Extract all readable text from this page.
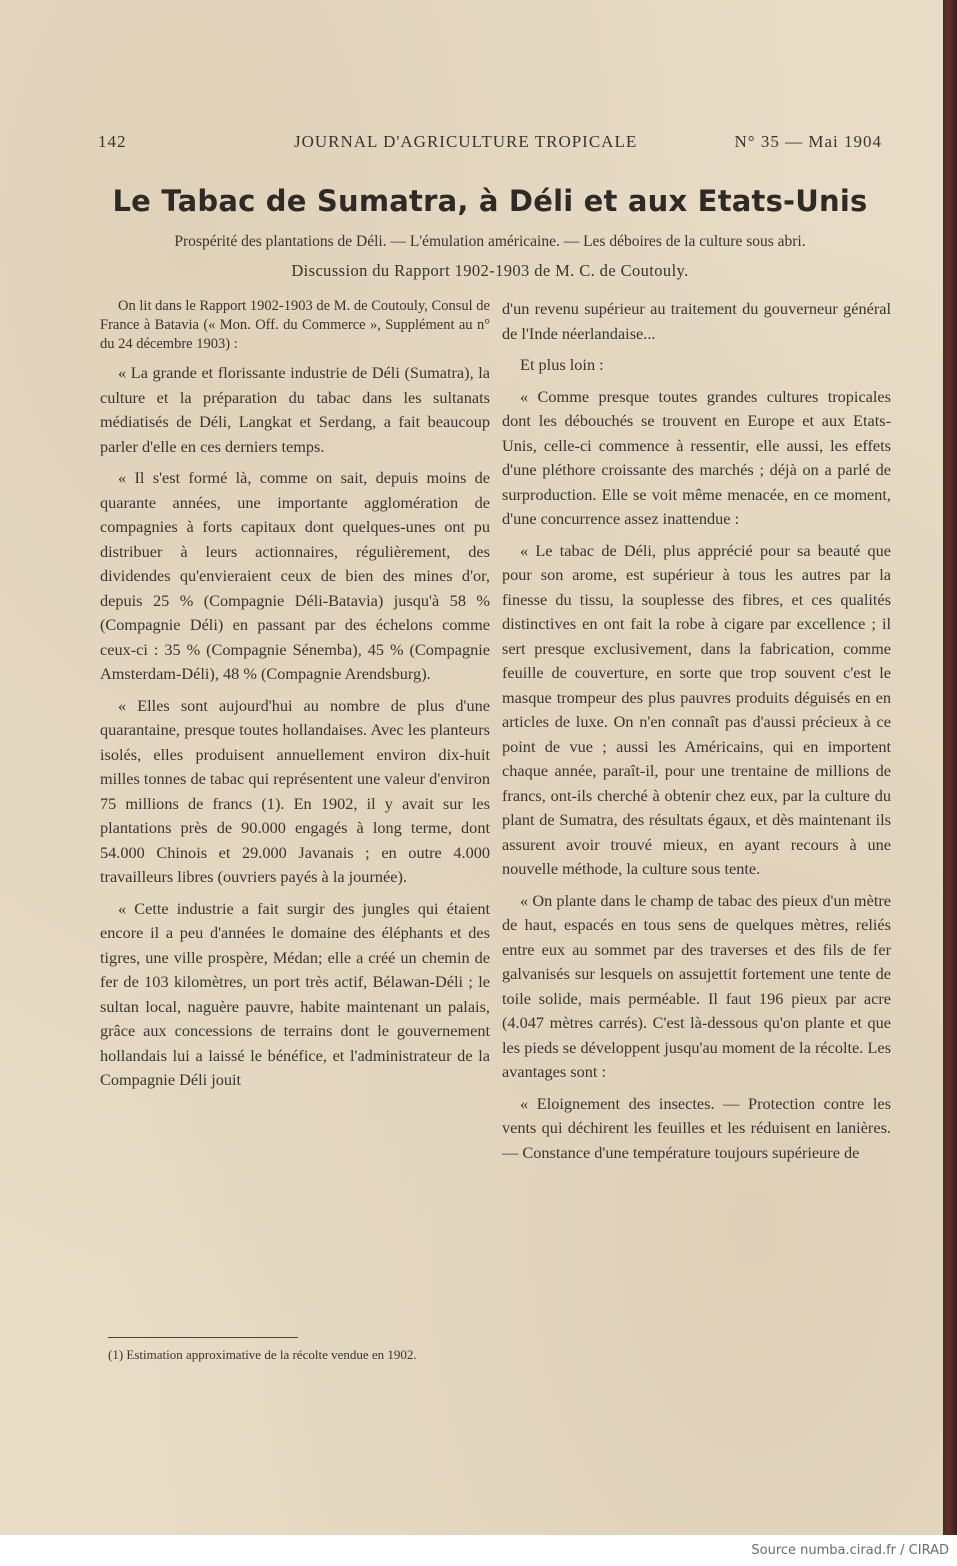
142	JOURNAL D'AGRICULTURE TROPICALE	N° 35 — Mai 1904
Le Tabac de Sumatra, à Déli et aux Etats-Unis
Prospérité des plantations de Déli. — L'émulation américaine. — Les déboires de la culture sous abri.
Discussion du Rapport 1902-1903 de M. C. de Coutouly.

On lit dans le Rapport 1902-1903 de M. de Coutouly, Consul de France à Batavia (« Mon. Off. du Commerce », Supplément au n° du 24 décembre 1903) :

« La grande et florissante industrie de Déli (Sumatra), la culture et la préparation du tabac dans les sultanats médiatisés de Déli, Langkat et Serdang, a fait beaucoup parler d'elle en ces derniers temps.

« Il s'est formé là, comme on sait, depuis moins de quarante années, une importante agglomération de compagnies à forts capitaux dont quelques-unes ont pu distribuer à leurs actionnaires, régulièrement, des dividendes qu'envieraient ceux de bien des mines d'or, depuis 25 % (Compagnie Déli-Batavia) jusqu'à 58 % (Compagnie Déli) en passant par des échelons comme ceux-ci : 35 % (Compagnie Sénemba), 45 % (Compagnie Amsterdam-Déli), 48 % (Compagnie Arendsburg).

« Elles sont aujourd'hui au nombre de plus d'une quarantaine, presque toutes hollandaises. Avec les planteurs isolés, elles produisent annuellement environ dix-huit milles tonnes de tabac qui représentent une valeur d'environ 75 millions de francs (1). En 1902, il y avait sur les plantations près de 90.000 engagés à long terme, dont 54.000 Chinois et 29.000 Javanais ; en outre 4.000 travailleurs libres (ouvriers payés à la journée).

« Cette industrie a fait surgir des jungles qui étaient encore il a peu d'années le domaine des éléphants et des tigres, une ville prospère, Médan; elle a créé un chemin de fer de 103 kilomètres, un port très actif, Bélawan-Déli ; le sultan local, naguère pauvre, habite maintenant un palais, grâce aux concessions de terrains dont le gouvernement hollandais lui a laissé le bénéfice, et l'administrateur de la Compagnie Déli jouit

(1) Estimation approximative de la récolte vendue en 1902.

d'un revenu supérieur au traitement du gouverneur général de l'Inde néerlandaise...

Et plus loin :

« Comme presque toutes grandes cultures tropicales dont les débouchés se trouvent en Europe et aux Etats-Unis, celle-ci commence à ressentir, elle aussi, les effets d'une pléthore croissante des marchés ; déjà on a parlé de surproduction. Elle se voit même menacée, en ce moment, d'une concurrence assez inattendue :

« Le tabac de Déli, plus apprécié pour sa beauté que pour son arome, est supérieur à tous les autres par la finesse du tissu, la souplesse des fibres, et ces qualités distinctives en ont fait la robe à cigare par excellence ; il sert presque exclusivement, dans la fabrication, comme feuille de couverture, en sorte que trop souvent c'est le masque trompeur des plus pauvres produits déguisés en en articles de luxe. On n'en connaît pas d'aussi précieux à ce point de vue ; aussi les Américains, qui en importent chaque année, paraît-il, pour une trentaine de millions de francs, ont-ils cherché à obtenir chez eux, par la culture du plant de Sumatra, des résultats égaux, et dès maintenant ils assurent avoir trouvé mieux, en ayant recours à une nouvelle méthode, la culture sous tente.

« On plante dans le champ de tabac des pieux d'un mètre de haut, espacés en tous sens de quelques mètres, reliés entre eux au sommet par des traverses et des fils de fer galvanisés sur lesquels on assujettit fortement une tente de toile solide, mais perméable. Il faut 196 pieux par acre (4.047 mètres carrés). C'est là-dessous qu'on plante et que les pieds se développent jusqu'au moment de la récolte. Les avantages sont :

« Eloignement des insectes. — Protection contre les vents qui déchirent les feuilles et les réduisent en lanières. — Constance d'une température toujours supérieure de

Source numba.cirad.fr / CIRAD
